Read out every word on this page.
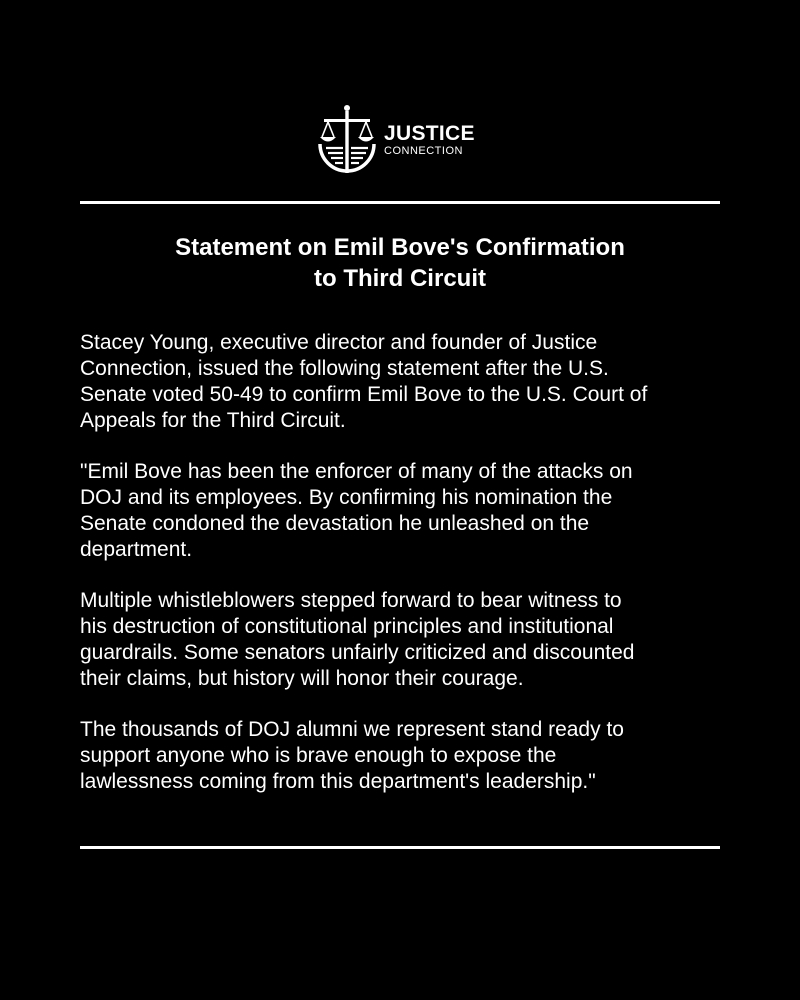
JUSTICE
CONNECTION
Statement on Emil Bove's Confirmation
to Third Circuit

Stacey Young, executive director and founder of Justice
Connection, issued the following statement after the U.S.
Senate voted 50-49 to confirm Emil Bove to the U.S. Court of
Appeals for the Third Circuit.

"Emil Bove has been the enforcer of many of the attacks on
DOJ and its employees. By confirming his nomination the
Senate condoned the devastation he unleashed on the
department.

Multiple whistleblowers stepped forward to bear witness to
his destruction of constitutional principles and institutional
guardrails. Some senators unfairly criticized and discounted
their claims, but history will honor their courage.

The thousands of DOJ alumni we represent stand ready to
support anyone who is brave enough to expose the
lawlessness coming from this department's leadership."
